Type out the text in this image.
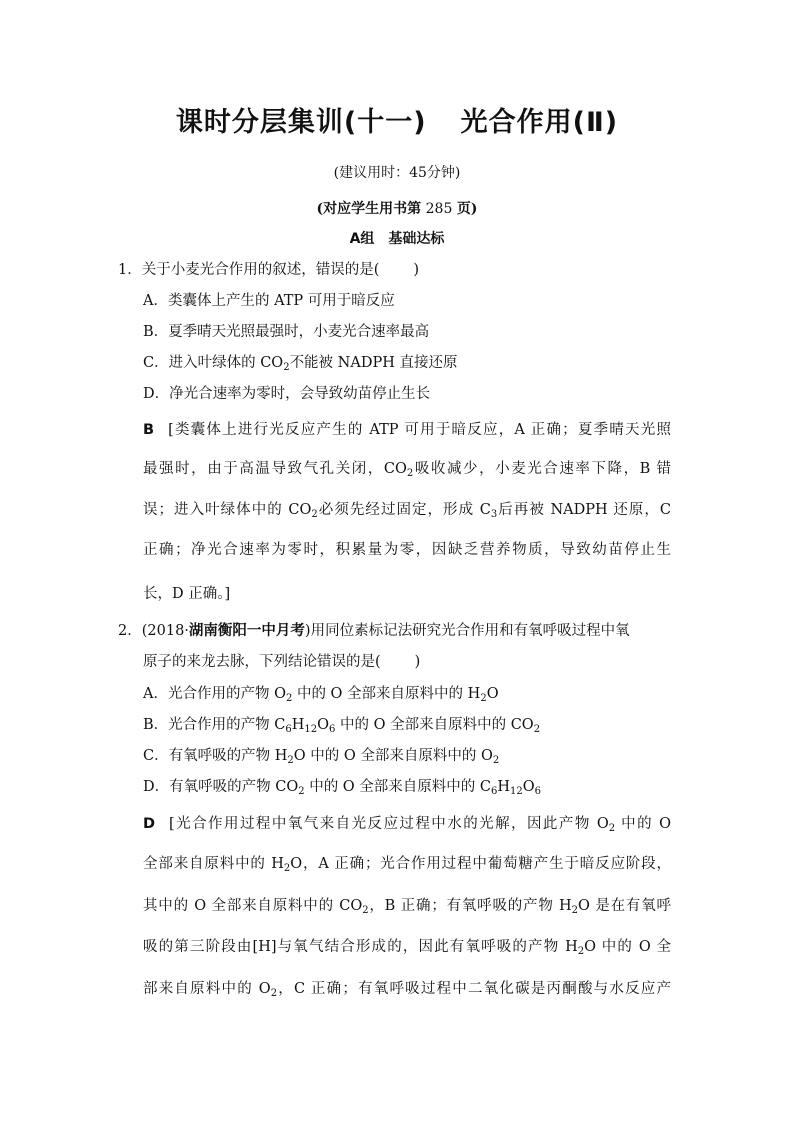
课时分层集训(十一) 光合作用(Ⅱ)
(建议用时：45分钟)
(对应学生用书第 285 页)
A组　基础达标
1．关于小麦光合作用的叙述，错误的是( )
A．类囊体上产生的 ATP 可用于暗反应
B．夏季晴天光照最强时，小麦光合速率最高
C．进入叶绿体的 $CO_2$不能被 NADPH 直接还原
D．净光合速率为零时，会导致幼苗停止生长
B [类囊体上进行光反应产生的 ATP 可用于暗反应，A 正确；夏季晴天光照
最强时，由于高温导致气孔关闭，$CO_2$吸收减少，小麦光合速率下降，B 错
误；进入叶绿体中的 $CO_2$必须先经过固定，形成 $C_3$后再被 NADPH 还原，C
正确；净光合速率为零时，积累量为零，因缺乏营养物质，导致幼苗停止生
长，D 正确。]
2．(2018·湖南衡阳一中月考)用同位素标记法研究光合作用和有氧呼吸过程中氧
原子的来龙去脉，下列结论错误的是( )
A．光合作用的产物 $O_2$ 中的 O 全部来自原料中的 $H_2O$
B．光合作用的产物 $C_6H_{12}O_6$ 中的 O 全部来自原料中的 $CO_2$
C．有氧呼吸的产物 $H_2O$ 中的 O 全部来自原料中的 $O_2$
D．有氧呼吸的产物 $CO_2$ 中的 O 全部来自原料中的 $C_6H_{12}O_6$
D [光合作用过程中氧气来自光反应过程中水的光解，因此产物 $O_2$ 中的 O
全部来自原料中的 $H_2O$，A 正确；光合作用过程中葡萄糖产生于暗反应阶段，
其中的 O 全部来自原料中的 $CO_2$，B 正确；有氧呼吸的产物 $H_2O$ 是在有氧呼
吸的第三阶段由[H]与氧气结合形成的，因此有氧呼吸的产物 $H_2O$ 中的 O 全
部来自原料中的 $O_2$，C 正确；有氧呼吸过程中二氧化碳是丙酮酸与水反应产
